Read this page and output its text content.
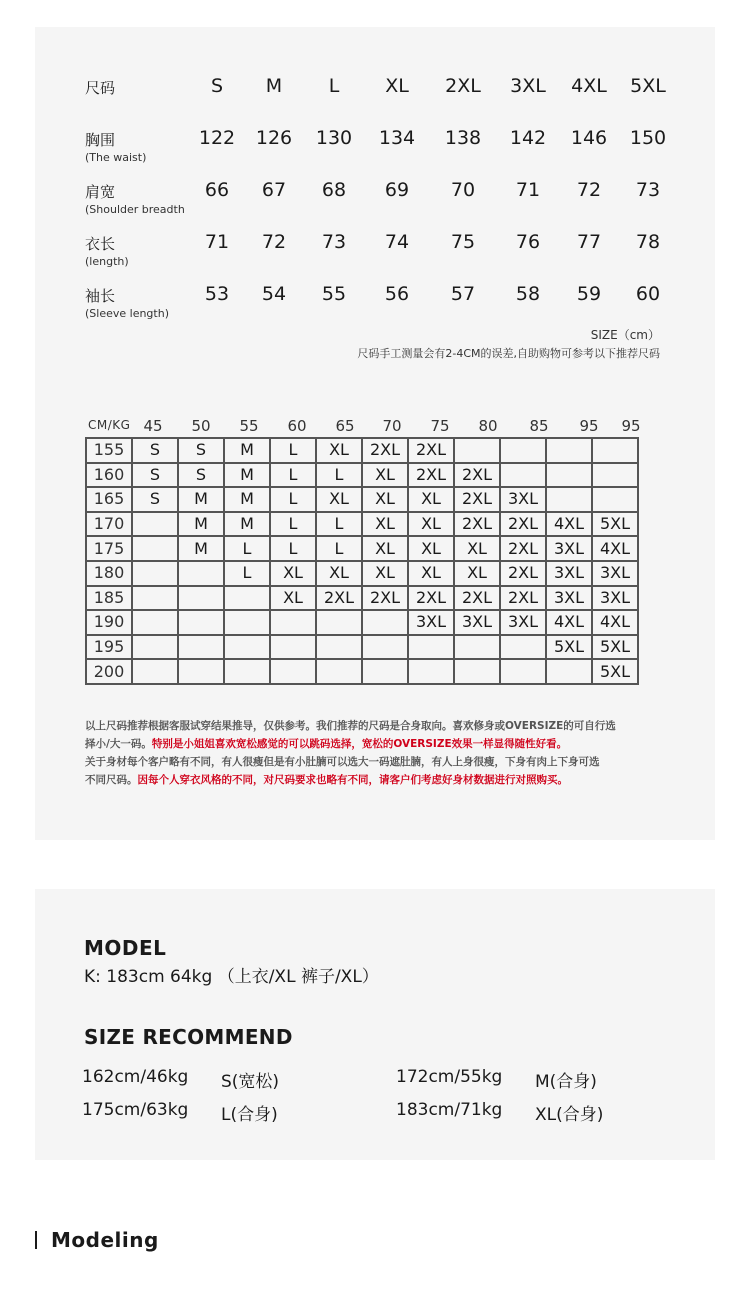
尺码	S	M	L	XL	2XL	3XL	4XL	5XL
胸围
(The waist)
122	126	130	134	138	142	146	150
肩宽
(Shoulder breadth
66	67	68	69	70	71	72	73
衣长
(length)
71	72	73	74	75	76	77	78
袖长
(Sleeve length)
53	54	55	56	57	58	59	60
SIZE（cm）
尺码手工测量会有2-4CM的误差,自助购物可参考以下推荐尺码
CM/KG 45	50	55	60	65	70	75	80	85	95	95
155	S	S	M	L	XL	2XL	2XL				
160	S	S	M	L	L	XL	2XL	2XL			
165	S	M	M	L	XL	XL	XL	2XL	3XL		
170		M	M	L	L	XL	XL	2XL	2XL	4XL	5XL
175		M	L	L	L	XL	XL	XL	2XL	3XL	4XL
180			L	XL	XL	XL	XL	XL	2XL	3XL	3XL
185				XL	2XL	2XL	2XL	2XL	2XL	3XL	3XL
190							3XL	3XL	3XL	4XL	4XL
195										5XL	5XL
200											5XL
以上尺码推荐根据客服试穿结果推导，仅供参考。我们推荐的尺码是合身取向。喜欢修身或OVERSIZE的可自行选
择小/大一码。特别是小姐姐喜欢宽松感觉的可以跳码选择，宽松的OVERSIZE效果一样显得随性好看。
关于身材每个客户略有不同，有人很瘦但是有小肚腩可以选大一码遮肚腩，有人上身很瘦，下身有肉上下身可选
不同尺码。因每个人穿衣风格的不同，对尺码要求也略有不同，请客户们考虑好身材数据进行对照购买。
MODEL
K: 183cm 64kg （上衣/XL 裤子/XL）
SIZE RECOMMEND
162cm/46kg S(宽松)	172cm/55kg M(合身)
175cm/63kg L(合身)	183cm/71kg XL(合身)
Modeling
